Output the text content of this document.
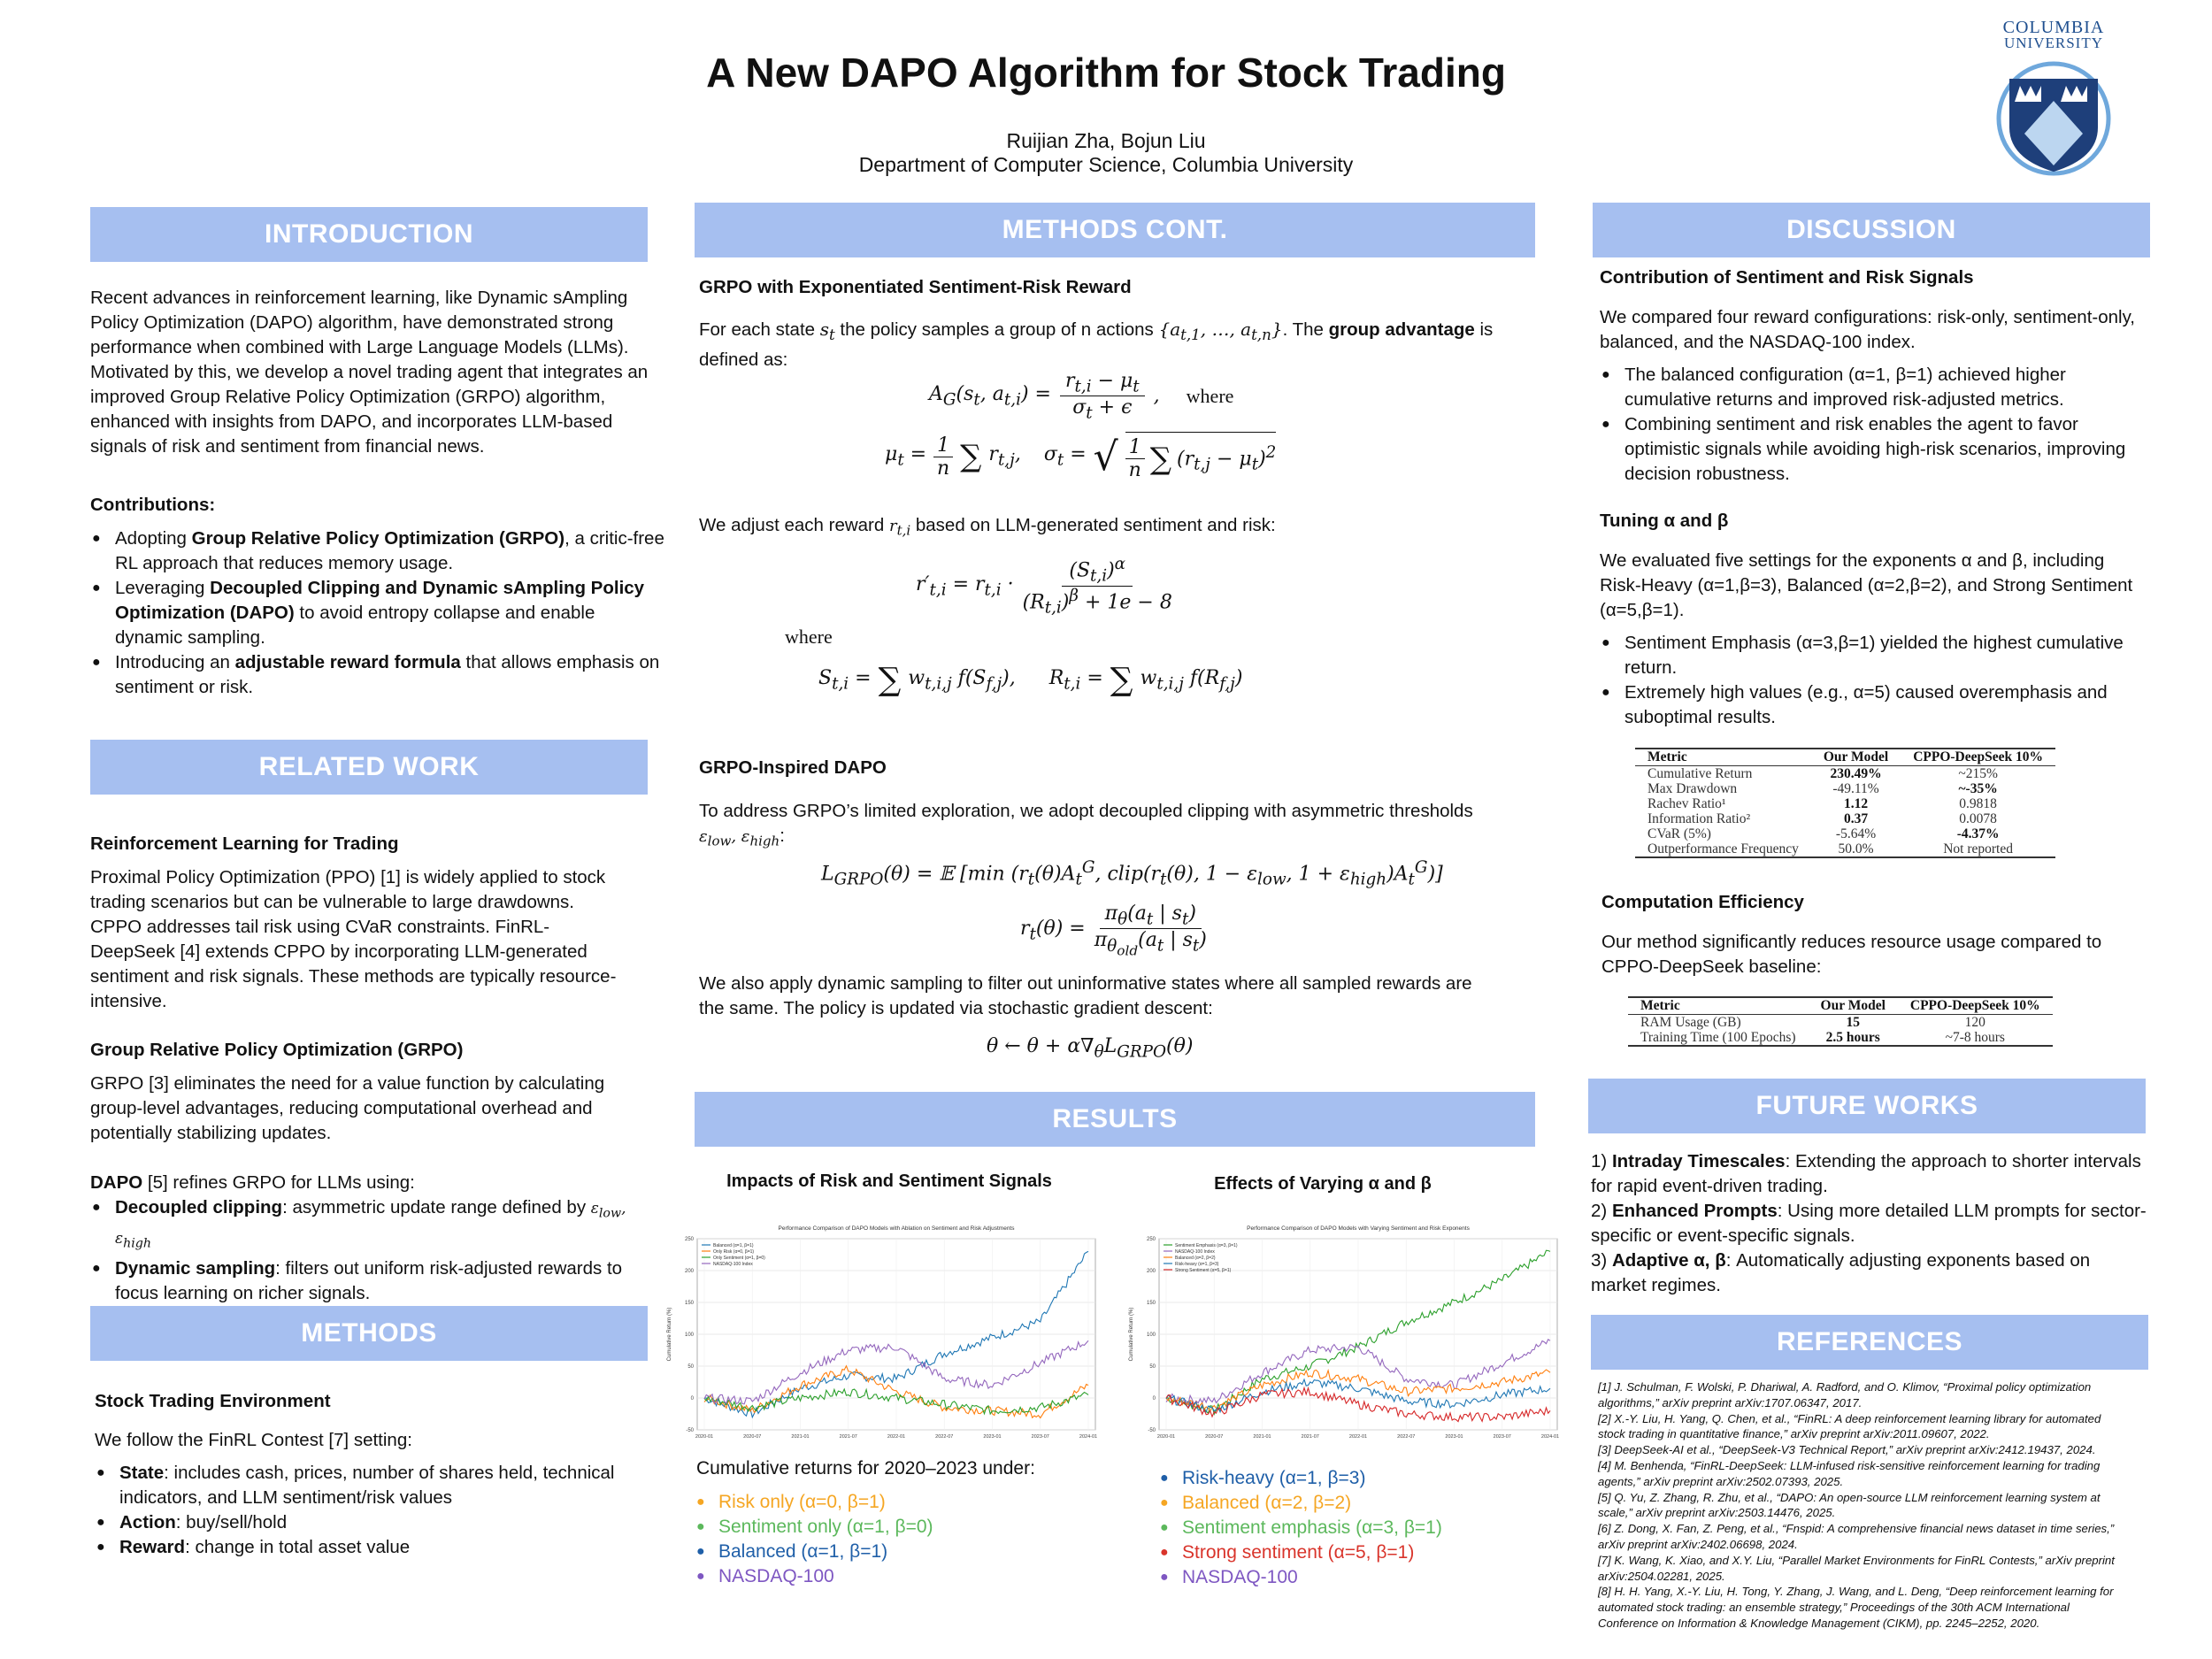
A New DAPO Algorithm for Stock Trading
Ruijian Zha, Bojun Liu
Department of Computer Science, Columbia University
COLUMBIA
UNIVERSITY
INTRODUCTION
Recent advances in reinforcement learning, like Dynamic sAmpling Policy Optimization (DAPO) algorithm, have demonstrated strong performance when combined with Large Language Models (LLMs). Motivated by this, we develop a novel trading agent that integrates an improved Group Relative Policy Optimization (GRPO) algorithm, enhanced with insights from DAPO, and incorporates LLM-based signals of risk and sentiment from financial news.
Contributions:
● Adopting Group Relative Policy Optimization (GRPO), a critic-free RL approach that reduces memory usage.
● Leveraging Decoupled Clipping and Dynamic sAmpling Policy Optimization (DAPO) to avoid entropy collapse and enable dynamic sampling.
● Introducing an adjustable reward formula that allows emphasis on sentiment or risk.
RELATED WORK
Reinforcement Learning for Trading
Proximal Policy Optimization (PPO) [1] is widely applied to stock trading scenarios but can be vulnerable to large drawdowns. CPPO addresses tail risk using CVaR constraints. FinRL-DeepSeek [4] extends CPPO by incorporating LLM-generated sentiment and risk signals. These methods are typically resource-intensive.
Group Relative Policy Optimization (GRPO)
GRPO [3] eliminates the need for a value function by calculating group-level advantages, reducing computational overhead and potentially stabilizing updates.
DAPO [5] refines GRPO for LLMs using:
● Decoupled clipping: asymmetric update range defined by $\varepsilon_{low}$, $\varepsilon_{high}$
● Dynamic sampling: filters out uniform risk-adjusted rewards to focus learning on richer signals.
METHODS
Stock Trading Environment
We follow the FinRL Contest [7] setting:
● State: includes cash, prices, number of shares held, technical indicators, and LLM sentiment/risk values
● Action: buy/sell/hold
● Reward: change in total asset value
METHODS CONT.
GRPO with Exponentiated Sentiment-Risk Reward
For each state $s_t$ the policy samples a group of n actions {$a_{t,1}$, …, $a_{t,n}$}. The group advantage is defined as:
$A_G(s_t$, $a_{t,i}) = \frac{r_{t,i} - \mu_t}{\sigma_t + \epsilon}$ , where
$\mu_t = \frac{1}{n}$ ∑ $r_{t,j}$, $\sigma_t$ = √ 1
n ∑ $(r_{t,j} - \mu_t)^2$
We adjust each reward $r_{t,i}$ based on LLM-generated sentiment and risk:
$r'_{t,i} = r_{t,i}$ ·
$(S_{t,i})^\alpha$
$(R_{t,i})^\beta + 1e - 8$
where
$S_{t,i}$ = ∑ $w_{t,i,j}$ $f(S_{f,j})$, $R_{t,i}$ = ∑ $w_{t,i,j}$ $f(R_{f,j})$
GRPO-Inspired DAPO
To address GRPO’s limited exploration, we adopt decoupled clipping with asymmetric thresholds
$\varepsilon_{low}$, $\varepsilon_{high}$:
$L_{GRPO}(\theta)$ = 𝔼 [min ($r_t(\theta)A_t^G$, $clip(r_t(\theta)$, $1 - \varepsilon_{low}$, $1 + \varepsilon_{high})A_t^G$)]
$r_t(\theta)$ =
$\pi_\theta(a_t$ | $s_t$)
$\pi_{\theta_{old}}(a_t$ | $s_t$)
We also apply dynamic sampling to filter out uninformative states where all sampled rewards are the same. The policy is updated via stochastic gradient descent:
θ ← $\theta + \alpha\nabla_\theta L_{GRPO}(\theta)$
RESULTS
Impacts of Risk and Sentiment Signals	Effects of Varying α and β
Performance Comparison of DAPO Models with Ablation on Sentiment and Risk Adjustments
Cumulative Return (%)
-50
0
50
100
150
200
250
2020-01	2020-07	2021-01	2021-07	2022-01	2022-07	2023-01	2023-07	2024-01
Balanced (α=1, β=1)
Only Risk (α=0, β=1)
Only Sentiment (α=1, β=0)
NASDAQ-100 Index
Performance Comparison of DAPO Models with Varying Sentiment and Risk Exponents
Cumulative Return (%)
-50
0
50
100
150
200
250
2020-01	2020-07	2021-01	2021-07	2022-01	2022-07	2023-01	2023-07	2024-01
Sentiment Emphasis (α=3, β=1)
NASDAQ-100 Index
Balanced (α=2, β=2)
Risk-heavy (α=1, β=3)
Strong Sentiment (α=5, β=1)
Cumulative returns for 2020–2023 under:
● Risk only (α=0, β=1)
● Sentiment only (α=1, β=0)
● Balanced (α=1, β=1)
● NASDAQ-100
● Risk-heavy (α=1, β=3)
● Balanced (α=2, β=2)
● Sentiment emphasis (α=3, β=1)
● Strong sentiment (α=5, β=1)
● NASDAQ-100
DISCUSSION
Contribution of Sentiment and Risk Signals
We compared four reward configurations: risk-only, sentiment-only, balanced, and the NASDAQ-100 index.
● The balanced configuration (α=1, β=1) achieved higher cumulative returns and improved risk-adjusted metrics.
● Combining sentiment and risk enables the agent to favor optimistic signals while avoiding high-risk scenarios, improving decision robustness.
Tuning α and β
We evaluated five settings for the exponents α and β, including Risk-Heavy (α=1,β=3), Balanced (α=2,β=2), and Strong Sentiment (α=5,β=1).
● Sentiment Emphasis (α=3,β=1) yielded the highest cumulative return.
● Extremely high values (e.g., α=5) caused overemphasis and suboptimal results.
Metric	Our Model	CPPO-DeepSeek 10%
Cumulative Return	230.49%	~215%
Max Drawdown	-49.11%	~-35%
Rachev Ratio¹	1.12	0.9818
Information Ratio²	0.37	0.0078
CVaR (5%)	-5.64%	-4.37%
Outperformance Frequency	50.0%	Not reported
Computation Efficiency
Our method significantly reduces resource usage compared to CPPO-DeepSeek baseline:
Metric	Our Model	CPPO-DeepSeek 10%
RAM Usage (GB)	15	120
Training Time (100 Epochs)	2.5 hours	~7-8 hours
FUTURE WORKS
1) Intraday Timescales: Extending the approach to shorter intervals for rapid event-driven trading.
2) Enhanced Prompts: Using more detailed LLM prompts for sector-specific or event-specific signals.
3) Adaptive α, β: Automatically adjusting exponents based on market regimes.
REFERENCES
[1] J. Schulman, F. Wolski, P. Dhariwal, A. Radford, and O. Klimov, “Proximal policy optimization algorithms,” arXiv preprint arXiv:1707.06347, 2017.
[2] X.-Y. Liu, H. Yang, Q. Chen, et al., “FinRL: A deep reinforcement learning library for automated stock trading in quantitative finance,” arXiv preprint arXiv:2011.09607, 2022.
[3] DeepSeek-AI et al., “DeepSeek-V3 Technical Report,” arXiv preprint arXiv:2412.19437, 2024.
[4] M. Benhenda, “FinRL-DeepSeek: LLM-infused risk-sensitive reinforcement learning for trading agents,” arXiv preprint arXiv:2502.07393, 2025.
[5] Q. Yu, Z. Zhang, R. Zhu, et al., “DAPO: An open-source LLM reinforcement learning system at scale,” arXiv preprint arXiv:2503.14476, 2025.
[6] Z. Dong, X. Fan, Z. Peng, et al., “Fnspid: A comprehensive financial news dataset in time series,” arXiv preprint arXiv:2402.06698, 2024.
[7] K. Wang, K. Xiao, and X.Y. Liu, “Parallel Market Environments for FinRL Contests,” arXiv preprint arXiv:2504.02281, 2025.
[8] H. H. Yang, X.-Y. Liu, H. Tong, Y. Zhang, J. Wang, and L. Deng, “Deep reinforcement learning for automated stock trading: an ensemble strategy,” Proceedings of the 30th ACM International Conference on Information & Knowledge Management (CIKM), pp. 2245–2252, 2020.
